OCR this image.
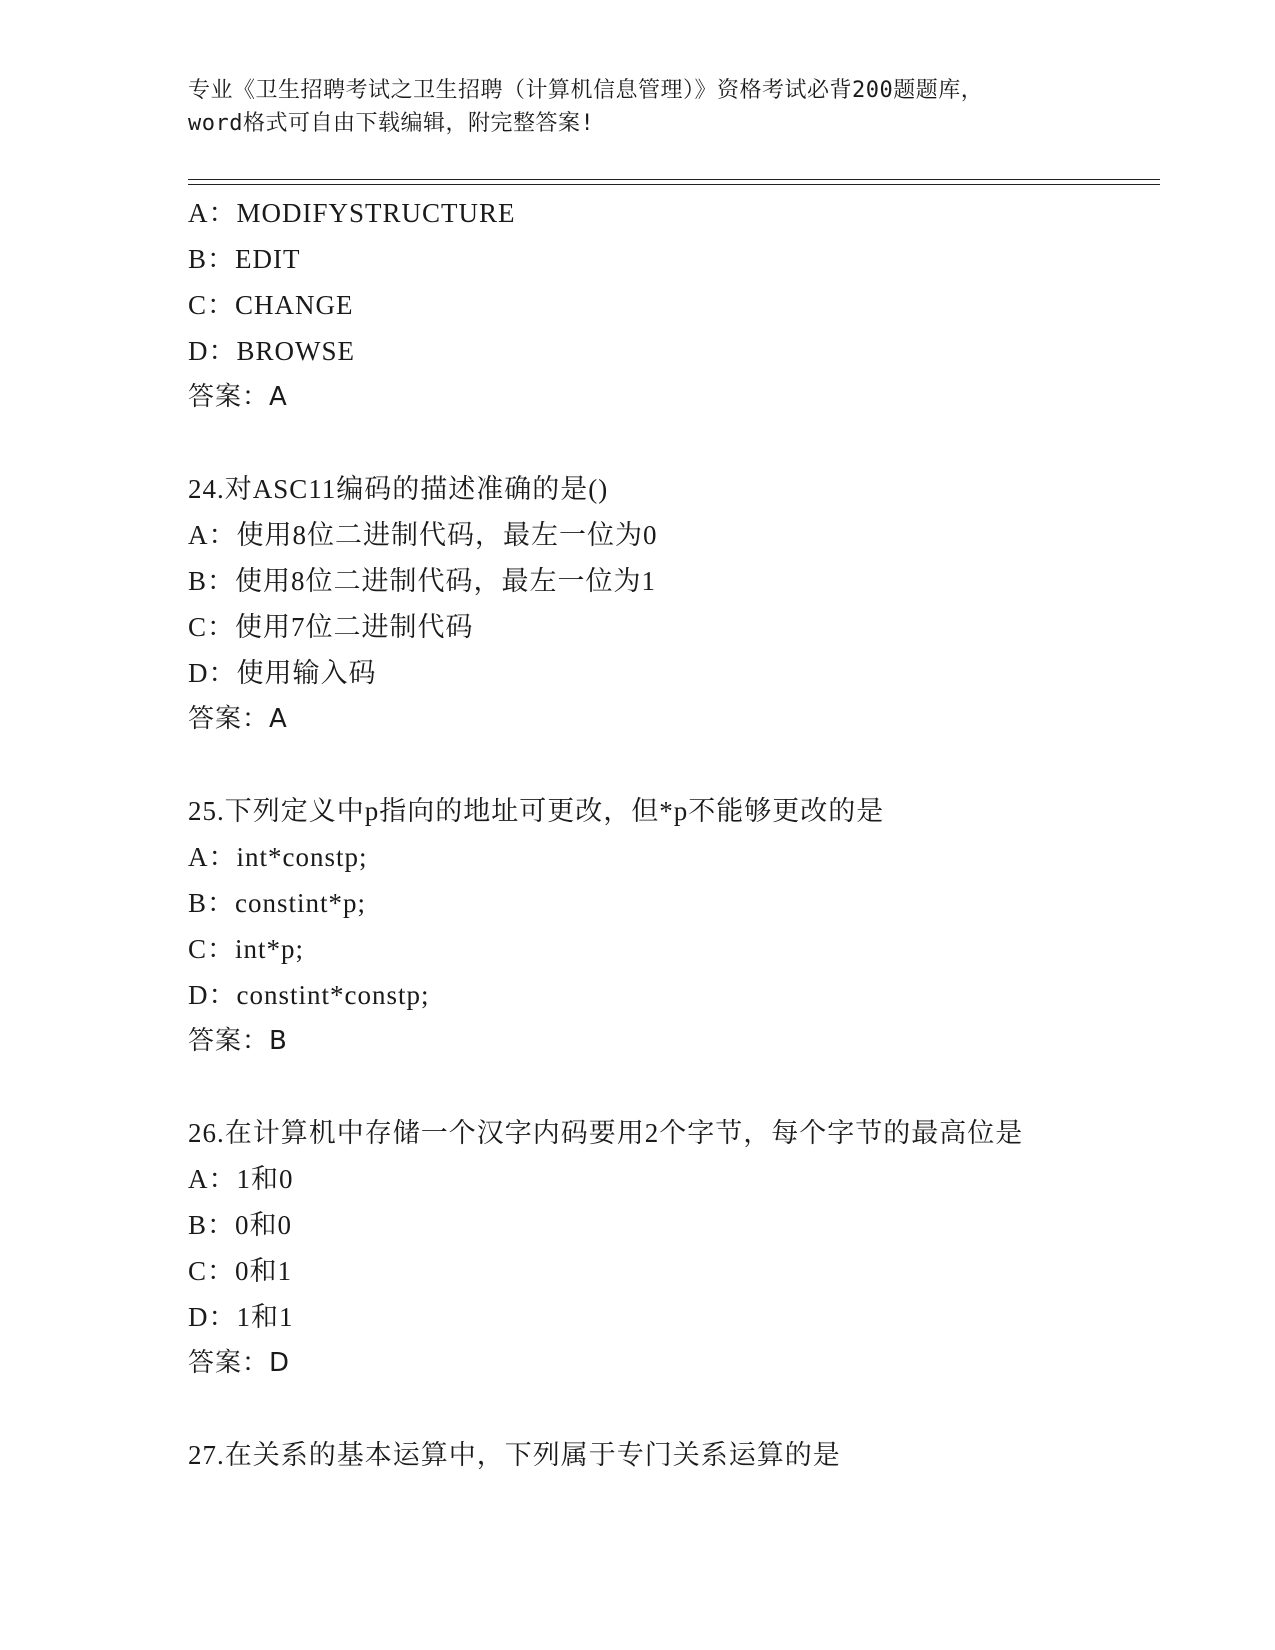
专业《卫生招聘考试之卫生招聘（计算机信息管理）》资格考试必背200题题库，
word格式可自由下载编辑，附完整答案!
A：MODIFYSTRUCTURE
B：EDIT
C：CHANGE
D：BROWSE
答案：A
24.对ASC11编码的描述准确的是()
A：使用8位二进制代码，最左一位为0
B：使用8位二进制代码，最左一位为1
C：使用7位二进制代码
D：使用输入码
答案：A
25.下列定义中p指向的地址可更改，但*p不能够更改的是
A：int*constp;
B：constint*p;
C：int*p;
D：constint*constp;
答案：B
26.在计算机中存储一个汉字内码要用2个字节，每个字节的最高位是
A：1和0
B：0和0
C：0和1
D：1和1
答案：D
27.在关系的基本运算中，下列属于专门关系运算的是
